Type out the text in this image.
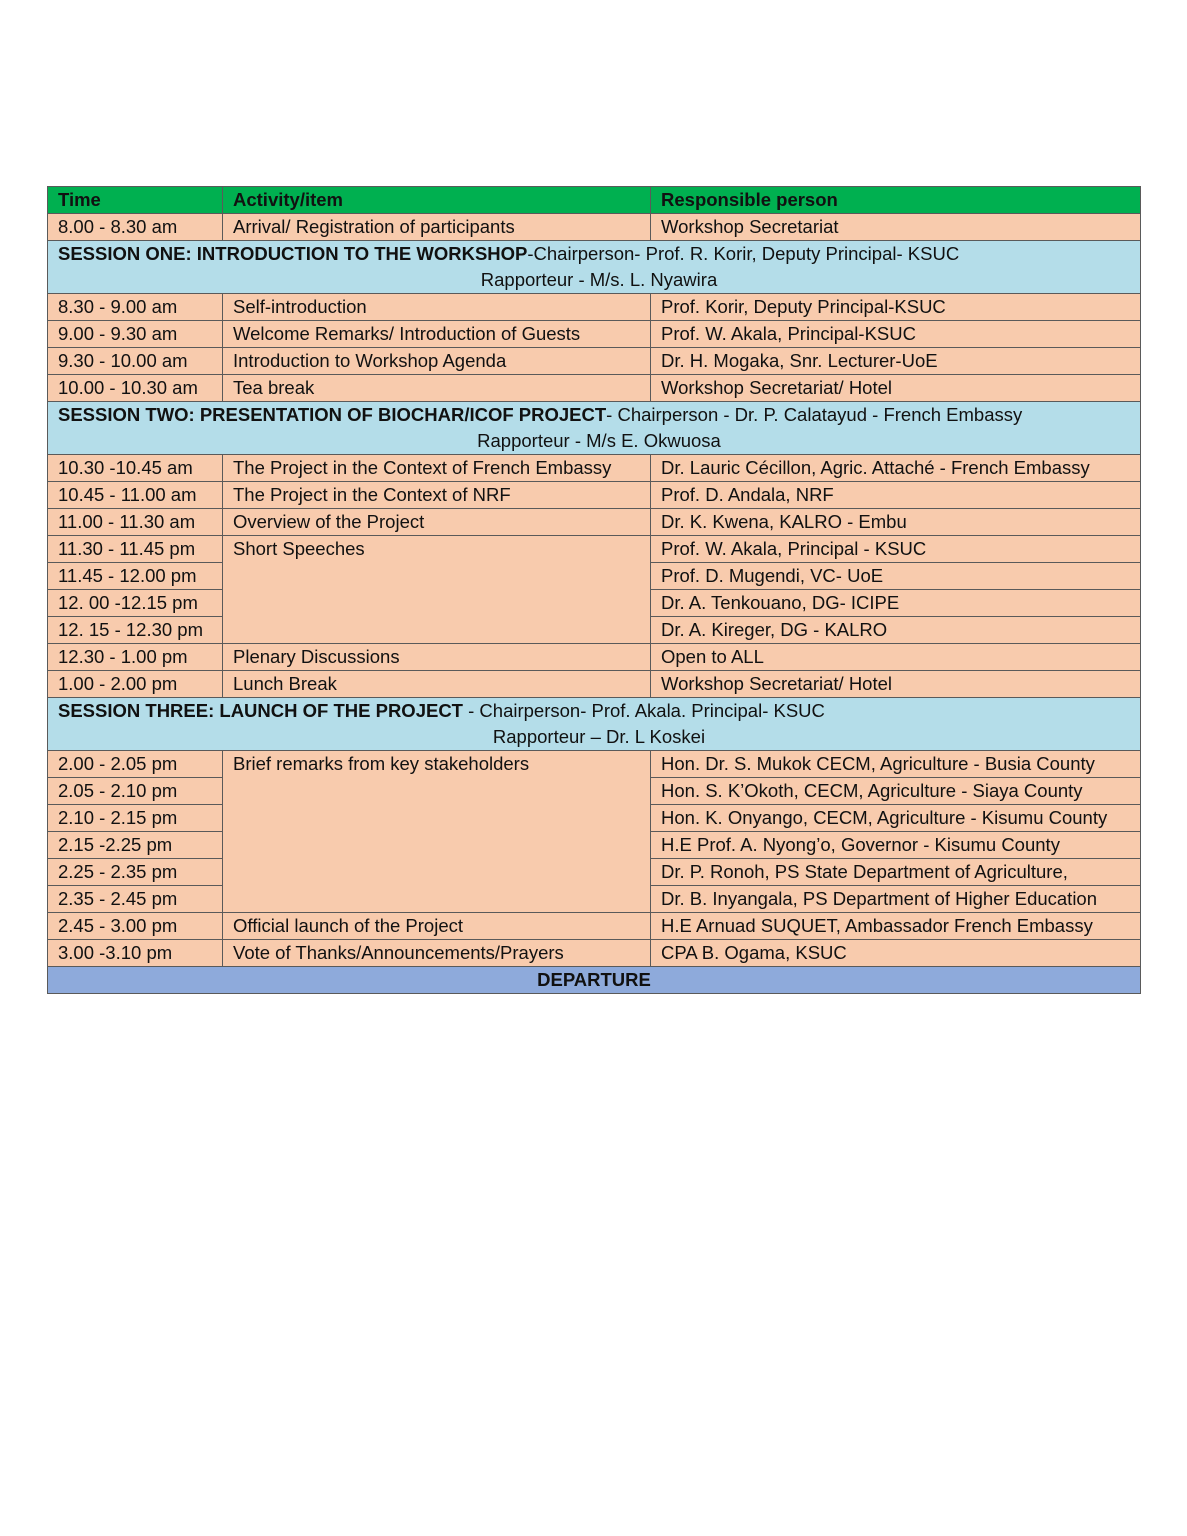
Time	Activity/item	Responsible person
8.00 - 8.30 am	Arrival/ Registration of participants	Workshop Secretariat
SESSION ONE: INTRODUCTION TO THE WORKSHOP-Chairperson- Prof. R. Korir, Deputy Principal- KSUC
Rapporteur - M/s. L. Nyawira		

8.30 - 9.00 am	Self-introduction	Prof. Korir, Deputy Principal-KSUC
9.00 - 9.30 am	Welcome Remarks/ Introduction of Guests	Prof. W. Akala, Principal-KSUC
9.30 - 10.00 am	Introduction to Workshop Agenda	Dr. H. Mogaka, Snr. Lecturer-UoE
10.00 - 10.30 am	Tea break	Workshop Secretariat/ Hotel
SESSION TWO: PRESENTATION OF BIOCHAR/ICOF PROJECT- Chairperson - Dr. P. Calatayud - French Embassy
Rapporteur - M/s E. Okwuosa		

10.30 -10.45 am	The Project in the Context of French Embassy	Dr. Lauric Cécillon, Agric. Attaché - French Embassy
10.45 - 11.00 am	The Project in the Context of NRF	Prof. D. Andala, NRF
11.00 - 11.30 am	Overview of the Project	Dr. K. Kwena, KALRO - Embu
11.30 - 11.45 pm	Short Speeches	Prof. W. Akala, Principal - KSUC
11.45 - 12.00 pm		Prof. D. Mugendi, VC- UoE
12. 00 -12.15 pm		Dr. A. Tenkouano, DG- ICIPE
12. 15 - 12.30 pm		Dr. A. Kireger, DG - KALRO
12.30 - 1.00 pm	Plenary Discussions	Open to ALL
1.00 - 2.00 pm	Lunch Break	Workshop Secretariat/ Hotel
SESSION THREE: LAUNCH OF THE PROJECT - Chairperson- Prof. Akala. Principal- KSUC
Rapporteur – Dr. L Koskei		

2.00 - 2.05 pm	Brief remarks from key stakeholders	Hon. Dr. S. Mukok CECM, Agriculture - Busia County
2.05 - 2.10 pm		Hon. S. K’Okoth, CECM, Agriculture - Siaya County
2.10 - 2.15 pm		Hon. K. Onyango, CECM, Agriculture - Kisumu County
2.15 -2.25 pm		H.E Prof. A. Nyong’o, Governor - Kisumu County
2.25 - 2.35 pm		Dr. P. Ronoh, PS State Department of Agriculture,
2.35 - 2.45 pm		Dr. B. Inyangala, PS Department of Higher Education
2.45 - 3.00 pm	Official launch of the Project	H.E Arnuad SUQUET, Ambassador French Embassy
3.00 -3.10 pm	Vote of Thanks/Announcements/Prayers	CPA B. Ogama, KSUC
DEPARTURE		
